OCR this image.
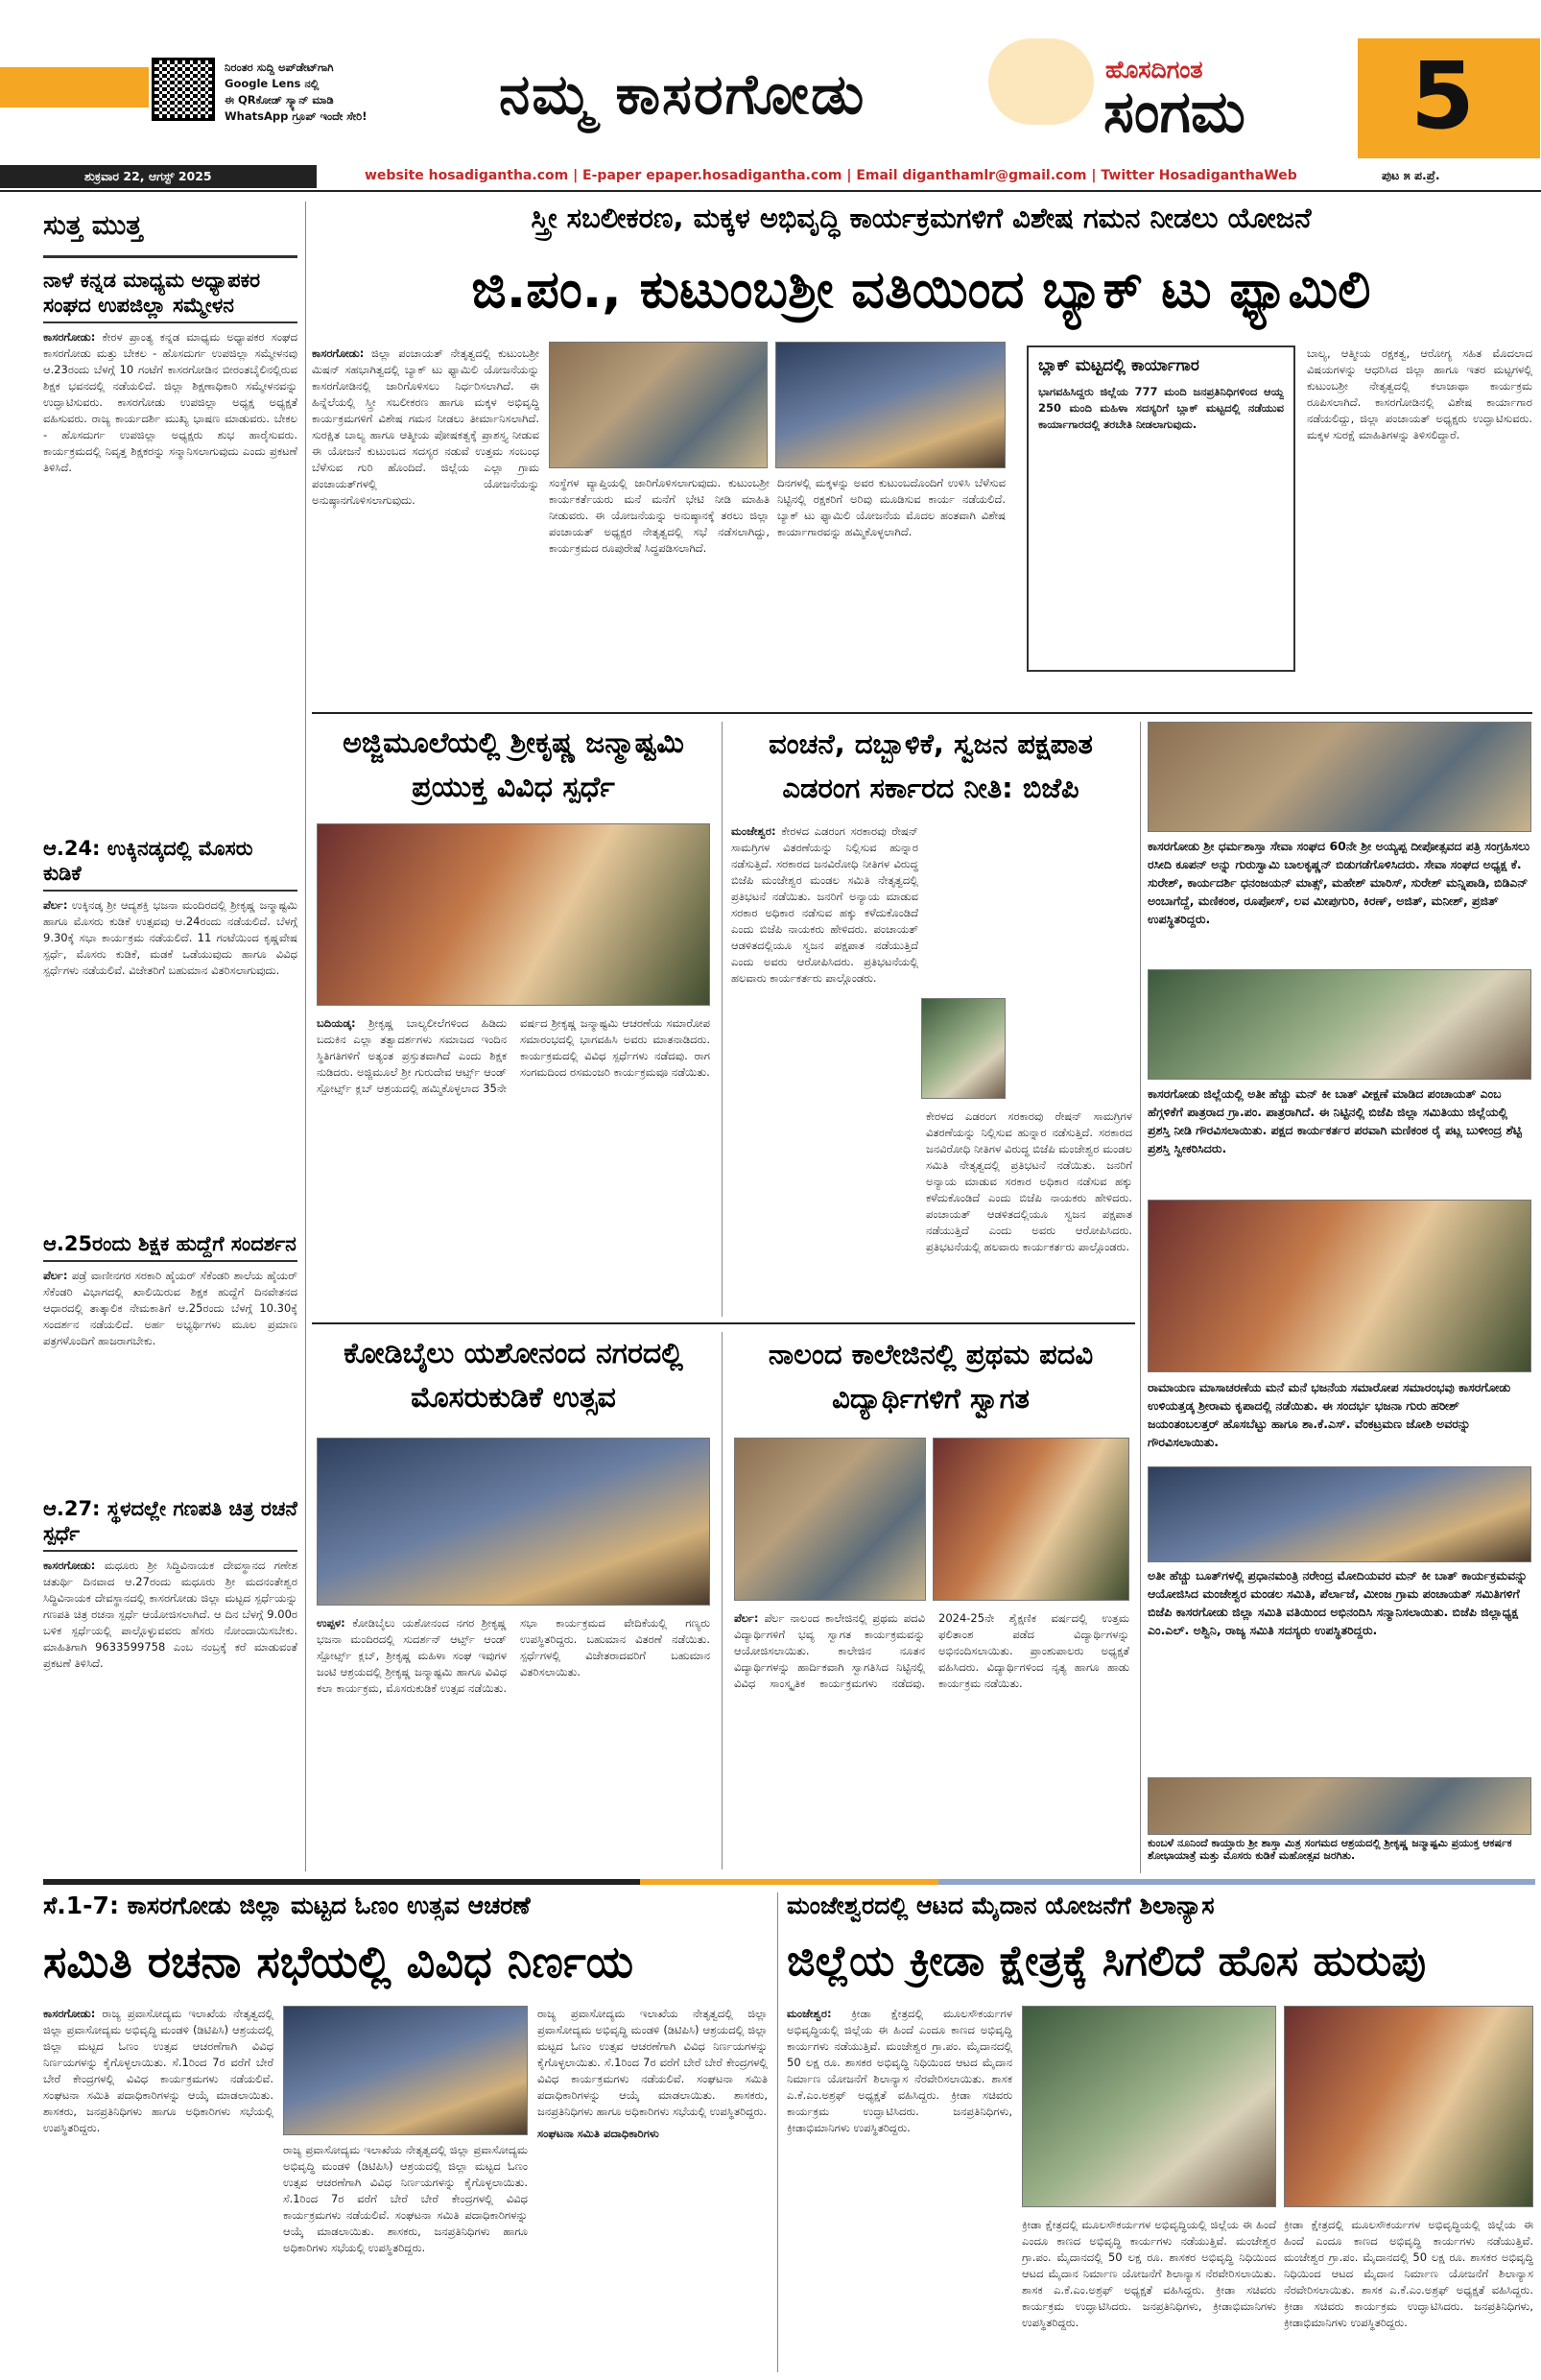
ನಿರಂತರ ಸುದ್ದಿ ಅಪ್‌ಡೇಟ್‌ಗಾಗಿ
Google Lens ನಲ್ಲಿ
ಈ QRಕೋಡ್ ಸ್ಕ್ಯಾನ್ ಮಾಡಿ
WhatsApp ಗ್ರೂಪ್ ಇಂದೇ ಸೇರಿ!	ನಮ್ಮ ಕಾಸರಗೋಡು	ಹೊಸದಿಗಂತ
ಸಂಗಮ	5
ಶುಕ್ರವಾರ 22, ಆಗಸ್ಟ್ 2025	website hosadigantha.com | E-paper epaper.hosadigantha.com | Email diganthamlr@gmail.com | Twitter HosadiganthaWeb	ಪುಟ ೫ ಪ.ಪ್ರೆ.
ಸುತ್ತ ಮುತ್ತ
ನಾಳೆ ಕನ್ನಡ ಮಾಧ್ಯಮ ಅಧ್ಯಾಪಕರ ಸಂಘದ ಉಪಜಿಲ್ಲಾ ಸಮ್ಮೇಳನ
ಕಾಸರಗೋಡು: ಕೇರಳ ಪ್ರಾಂತ್ಯ ಕನ್ನಡ ಮಾಧ್ಯಮ ಅಧ್ಯಾಪಕರ ಸಂಘದ ಕಾಸರಗೋಡು ಮತ್ತು ಬೇಕಲ - ಹೊಸದುರ್ಗ ಉಪಜಿಲ್ಲಾ ಸಮ್ಮೇಳನವು ಆ.23ರಂದು ಬೆಳಗ್ಗೆ 10 ಗಂಟೆಗೆ ಕಾಸರಗೋಡಿನ ಬೀರಂತಬೈಲಿನಲ್ಲಿರುವ ಶಿಕ್ಷಕ ಭವನದಲ್ಲಿ ನಡೆಯಲಿದೆ. ಜಿಲ್ಲಾ ಶಿಕ್ಷಣಾಧಿಕಾರಿ ಸಮ್ಮೇಳನವನ್ನು ಉದ್ಘಾಟಿಸುವರು. ಕಾಸರಗೋಡು ಉಪಜಿಲ್ಲಾ ಅಧ್ಯಕ್ಷ ಅಧ್ಯಕ್ಷತೆ ವಹಿಸುವರು. ರಾಜ್ಯ ಕಾರ್ಯದರ್ಶಿ ಮುಖ್ಯ ಭಾಷಣ ಮಾಡುವರು. ಬೇಕಲ - ಹೊಸದುರ್ಗ ಉಪಜಿಲ್ಲಾ ಅಧ್ಯಕ್ಷರು ಶುಭ ಹಾರೈಸುವರು. ಕಾರ್ಯಕ್ರಮದಲ್ಲಿ ನಿವೃತ್ತ ಶಿಕ್ಷಕರನ್ನು ಸನ್ಮಾನಿಸಲಾಗುವುದು ಎಂದು ಪ್ರಕಟಣೆ ತಿಳಿಸಿದೆ.
ಆ.24: ಉಕ್ಕಿನಡ್ಕದಲ್ಲಿ ಮೊಸರು ಕುಡಿಕೆ
ಪೆರ್ಲ: ಉಕ್ಕಿನಡ್ಕ ಶ್ರೀ ಆದ್ಯಶಕ್ತಿ ಭಜನಾ ಮಂದಿರದಲ್ಲಿ ಶ್ರೀಕೃಷ್ಣ ಜನ್ಮಾಷ್ಟಮಿ ಹಾಗೂ ಮೊಸರು ಕುಡಿಕೆ ಉತ್ಸವವು ಆ.24ರಂದು ನಡೆಯಲಿದೆ. ಬೆಳಗ್ಗೆ 9.30ಕ್ಕೆ ಸಭಾ ಕಾರ್ಯಕ್ರಮ ನಡೆಯಲಿದೆ. 11 ಗಂಟೆಯಿಂದ ಕೃಷ್ಣವೇಷ ಸ್ಪರ್ಧೆ, ಮೊಸರು ಕುಡಿಕೆ, ಮಡಕೆ ಒಡೆಯುವುದು ಹಾಗೂ ವಿವಿಧ ಸ್ಪರ್ಧೆಗಳು ನಡೆಯಲಿವೆ. ವಿಜೇತರಿಗೆ ಬಹುಮಾನ ವಿತರಿಸಲಾಗುವುದು.
ಆ.25ರಂದು ಶಿಕ್ಷಕ ಹುದ್ದೆಗೆ ಸಂದರ್ಶನ
ಪೆರ್ಲ: ಪಡ್ರೆ ವಾಣೀನಗರ ಸರಕಾರಿ ಹೈಯರ್ ಸೆಕೆಂಡರಿ ಶಾಲೆಯ ಹೈಯರ್ ಸೆಕೆಂಡರಿ ವಿಭಾಗದಲ್ಲಿ ಖಾಲಿಯಿರುವ ಶಿಕ್ಷಕ ಹುದ್ದೆಗೆ ದಿನವೇತನದ ಆಧಾರದಲ್ಲಿ ತಾತ್ಕಾಲಿಕ ನೇಮಕಾತಿಗೆ ಆ.25ರಂದು ಬೆಳಗ್ಗೆ 10.30ಕ್ಕೆ ಸಂದರ್ಶನ ನಡೆಯಲಿದೆ. ಅರ್ಹ ಅಭ್ಯರ್ಥಿಗಳು ಮೂಲ ಪ್ರಮಾಣ ಪತ್ರಗಳೊಂದಿಗೆ ಹಾಜರಾಗಬೇಕು.
ಆ.27: ಸ್ಥಳದಲ್ಲೇ ಗಣಪತಿ ಚಿತ್ರ ರಚನೆ ಸ್ಪರ್ಧೆ
ಕಾಸರಗೋಡು: ಮಧೂರು ಶ್ರೀ ಸಿದ್ಧಿವಿನಾಯಕ ದೇವಸ್ಥಾನದ ಗಣೇಶ ಚತುರ್ಥಿ ದಿನವಾದ ಆ.27ರಂದು ಮಧೂರು ಶ್ರೀ ಮದನಂತೇಶ್ವರ ಸಿದ್ಧಿವಿನಾಯಕ ದೇವಸ್ಥಾನದಲ್ಲಿ ಕಾಸರಗೋಡು ಜಿಲ್ಲಾ ಮಟ್ಟದ ಸ್ಪರ್ಧೆಯನ್ನು ಗಣಪತಿ ಚಿತ್ರ ರಚನಾ ಸ್ಪರ್ಧೆ ಆಯೋಜಿಸಲಾಗಿದೆ. ಆ ದಿನ ಬೆಳಗ್ಗೆ 9.00ರ ಬಳಿಕ ಸ್ಪರ್ಧೆಯಲ್ಲಿ ಪಾಲ್ಗೊಳ್ಳುವವರು ಹೆಸರು ನೋಂದಾಯಿಸಬೇಕು. ಮಾಹಿತಿಗಾಗಿ 9633599758 ಎಂಬ ನಂಬ್ರಕ್ಕೆ ಕರೆ ಮಾಡುವಂತೆ ಪ್ರಕಟಣೆ ತಿಳಿಸಿದೆ.
ಸ್ತ್ರೀ ಸಬಲೀಕರಣ, ಮಕ್ಕಳ ಅಭಿವೃದ್ಧಿ ಕಾರ್ಯಕ್ರಮಗಳಿಗೆ ವಿಶೇಷ ಗಮನ ನೀಡಲು ಯೋಜನೆ
ಜಿ.ಪಂ., ಕುಟುಂಬಶ್ರೀ ವತಿಯಿಂದ ಬ್ಯಾಕ್ ಟು ಫ್ಯಾಮಿಲಿ
ಕಾಸರಗೋಡು: ಜಿಲ್ಲಾ ಪಂಚಾಯತ್ ನೇತೃತ್ವದಲ್ಲಿ ಕುಟುಂಬಶ್ರೀ ಮಿಷನ್ ಸಹಭಾಗಿತ್ವದಲ್ಲಿ ಬ್ಯಾಕ್ ಟು ಫ್ಯಾಮಿಲಿ ಯೋಜನೆಯನ್ನು ಕಾಸರಗೋಡಿನಲ್ಲಿ ಜಾರಿಗೊಳಿಸಲು ನಿರ್ಧರಿಸಲಾಗಿದೆ. ಈ ಹಿನ್ನೆಲೆಯಲ್ಲಿ ಸ್ತ್ರೀ ಸಬಲೀಕರಣ ಹಾಗೂ ಮಕ್ಕಳ ಅಭಿವೃದ್ಧಿ ಕಾರ್ಯಕ್ರಮಗಳಿಗೆ ವಿಶೇಷ ಗಮನ ನೀಡಲು ತೀರ್ಮಾನಿಸಲಾಗಿದೆ. ಸುರಕ್ಷಿತ ಬಾಲ್ಯ ಹಾಗೂ ಆತ್ಮೀಯ ಪೋಷಕತ್ವಕ್ಕೆ ಪ್ರಾಶಸ್ತ್ಯ ನೀಡುವ ಈ ಯೋಜನೆ ಕುಟುಂಬದ ಸದಸ್ಯರ ನಡುವೆ ಉತ್ತಮ ಸಂಬಂಧ ಬೆಳೆಸುವ ಗುರಿ ಹೊಂದಿದೆ. ಜಿಲ್ಲೆಯ ಎಲ್ಲಾ ಗ್ರಾಮ ಪಂಚಾಯತ್‌ಗಳಲ್ಲಿ ಯೋಜನೆಯನ್ನು ಅನುಷ್ಠಾನಗೊಳಿಸಲಾಗುವುದು.
ಸಂಸ್ಥೆಗಳ ವ್ಯಾಪ್ತಿಯಲ್ಲಿ ಜಾರಿಗೊಳಿಸಲಾಗುವುದು. ಕುಟುಂಬಶ್ರೀ ಕಾರ್ಯಕರ್ತೆಯರು ಮನೆ ಮನೆಗೆ ಭೇಟಿ ನೀಡಿ ಮಾಹಿತಿ ನೀಡುವರು. ಈ ಯೋಜನೆಯನ್ನು ಅನುಷ್ಠಾನಕ್ಕೆ ತರಲು ಜಿಲ್ಲಾ ಪಂಚಾಯತ್ ಅಧ್ಯಕ್ಷರ ನೇತೃತ್ವದಲ್ಲಿ ಸಭೆ ನಡೆಸಲಾಗಿದ್ದು, ಕಾರ್ಯಕ್ರಮದ ರೂಪುರೇಷೆ ಸಿದ್ಧಪಡಿಸಲಾಗಿದೆ.
ದಿನಗಳಲ್ಲಿ ಮಕ್ಕಳನ್ನು ಅವರ ಕುಟುಂಬದೊಂದಿಗೆ ಉಳಿಸಿ ಬೆಳೆಸುವ ನಿಟ್ಟಿನಲ್ಲಿ ರಕ್ಷಕರಿಗೆ ಅರಿವು ಮೂಡಿಸುವ ಕಾರ್ಯ ನಡೆಯಲಿದೆ. ಬ್ಯಾಕ್ ಟು ಫ್ಯಾಮಿಲಿ ಯೋಜನೆಯ ಮೊದಲ ಹಂತವಾಗಿ ವಿಶೇಷ ಕಾರ್ಯಾಗಾರವನ್ನು ಹಮ್ಮಿಕೊಳ್ಳಲಾಗಿದೆ.
ಬ್ಲಾಕ್ ಮಟ್ಟದಲ್ಲಿ ಕಾರ್ಯಾಗಾರ
ಭಾಗವಹಿಸಿದ್ದರು ಜಿಲ್ಲೆಯ 777 ಮಂದಿ ಜನಪ್ರತಿನಿಧಿಗಳಿಂದ ಆಯ್ದ 250 ಮಂದಿ ಮಹಿಳಾ ಸದಸ್ಯರಿಗೆ ಬ್ಲಾಕ್ ಮಟ್ಟದಲ್ಲಿ ನಡೆಯುವ ಕಾರ್ಯಾಗಾರದಲ್ಲಿ ತರಬೇತಿ ನೀಡಲಾಗುವುದು.
ಬಾಲ್ಯ, ಆತ್ಮೀಯ ರಕ್ಷಕತ್ವ, ಆರೋಗ್ಯ ಸಹಿತ ಮೊದಲಾದ ವಿಷಯಗಳನ್ನು ಆಧರಿಸಿದ ಜಿಲ್ಲಾ ಹಾಗೂ ಇತರ ಮಟ್ಟಗಳಲ್ಲಿ ಕುಟುಂಬಶ್ರೀ ನೇತೃತ್ವದಲ್ಲಿ ಕಲಾಜಾಥಾ ಕಾರ್ಯಕ್ರಮ ರೂಪಿಸಲಾಗಿದೆ. ಕಾಸರಗೋಡಿನಲ್ಲಿ ವಿಶೇಷ ಕಾರ್ಯಾಗಾರ ನಡೆಯಲಿದ್ದು, ಜಿಲ್ಲಾ ಪಂಚಾಯತ್ ಅಧ್ಯಕ್ಷರು ಉದ್ಘಾಟಿಸುವರು. ಮಕ್ಕಳ ಸುರಕ್ಷೆ ಮಾಹಿತಿಗಳನ್ನು ತಿಳಿಸಲಿದ್ದಾರೆ.
ಅಜ್ಜಿಮೂಲೆಯಲ್ಲಿ ಶ್ರೀಕೃಷ್ಣ ಜನ್ಮಾಷ್ಟಮಿ ಪ್ರಯುಕ್ತ ವಿವಿಧ ಸ್ಪರ್ಧೆ
ಬದಿಯಡ್ಕ: ಶ್ರೀಕೃಷ್ಣ ಬಾಲ್ಯಲೀಲೆಗಳಿಂದ ಹಿಡಿದು ಬದುಕಿನ ಎಲ್ಲಾ ತತ್ವಾದರ್ಶಗಳು ಸಮಾಜದ ಇಂದಿನ ಸ್ಥಿತಿಗತಿಗಳಿಗೆ ಅತ್ಯಂತ ಪ್ರಸ್ತುತವಾಗಿದೆ ಎಂದು ಶಿಕ್ಷಕ ನುಡಿದರು. ಅಜ್ಜಿಮೂಲೆ ಶ್ರೀ ಗುರುದೇವ ಆರ್ಟ್ಸ್ ಆಂಡ್ ಸ್ಪೋರ್ಟ್ಸ್ ಕ್ಲಬ್ ಆಶ್ರಯದಲ್ಲಿ ಹಮ್ಮಿಕೊಳ್ಳಲಾದ 35ನೇ ವರ್ಷದ ಶ್ರೀಕೃಷ್ಣ ಜನ್ಮಾಷ್ಟಮಿ ಆಚರಣೆಯ ಸಮಾರೋಪ ಸಮಾರಂಭದಲ್ಲಿ ಭಾಗವಹಿಸಿ ಅವರು ಮಾತನಾಡಿದರು. ಕಾರ್ಯಕ್ರಮದಲ್ಲಿ ವಿವಿಧ ಸ್ಪರ್ಧೆಗಳು ನಡೆದವು. ರಾಗ ಸಂಗಮದಿಂದ ರಸಮಂಜರಿ ಕಾರ್ಯಕ್ರಮವೂ ನಡೆಯಿತು.
ವಂಚನೆ, ದಬ್ಬಾಳಿಕೆ, ಸ್ವಜನ ಪಕ್ಷಪಾತ ಎಡರಂಗ ಸರ್ಕಾರದ ನೀತಿ: ಬಿಜೆಪಿ
ಮಂಜೇಶ್ವರ: ಕೇರಳದ ಎಡರಂಗ ಸರಕಾರವು ರೇಷನ್ ಸಾಮಗ್ರಿಗಳ ವಿತರಣೆಯನ್ನು ನಿಲ್ಲಿಸುವ ಹುನ್ನಾರ ನಡೆಸುತ್ತಿದೆ. ಸರಕಾರದ ಜನವಿರೋಧಿ ನೀತಿಗಳ ವಿರುದ್ಧ ಬಿಜೆಪಿ ಮಂಜೇಶ್ವರ ಮಂಡಲ ಸಮಿತಿ ನೇತೃತ್ವದಲ್ಲಿ ಪ್ರತಿಭಟನೆ ನಡೆಯಿತು. ಜನರಿಗೆ ಅನ್ಯಾಯ ಮಾಡುವ ಸರಕಾರ ಅಧಿಕಾರ ನಡೆಸುವ ಹಕ್ಕು ಕಳೆದುಕೊಂಡಿದೆ ಎಂದು ಬಿಜೆಪಿ ನಾಯಕರು ಹೇಳಿದರು. ಪಂಚಾಯತ್ ಆಡಳಿತದಲ್ಲಿಯೂ ಸ್ವಜನ ಪಕ್ಷಪಾತ ನಡೆಯುತ್ತಿದೆ ಎಂದು ಅವರು ಆರೋಪಿಸಿದರು. ಪ್ರತಿಭಟನೆಯಲ್ಲಿ ಹಲವಾರು ಕಾರ್ಯಕರ್ತರು ಪಾಲ್ಗೊಂಡರು.
ಕೇರಳದ ಎಡರಂಗ ಸರಕಾರವು ರೇಷನ್ ಸಾಮಗ್ರಿಗಳ ವಿತರಣೆಯನ್ನು ನಿಲ್ಲಿಸುವ ಹುನ್ನಾರ ನಡೆಸುತ್ತಿದೆ. ಸರಕಾರದ ಜನವಿರೋಧಿ ನೀತಿಗಳ ವಿರುದ್ಧ ಬಿಜೆಪಿ ಮಂಜೇಶ್ವರ ಮಂಡಲ ಸಮಿತಿ ನೇತೃತ್ವದಲ್ಲಿ ಪ್ರತಿಭಟನೆ ನಡೆಯಿತು. ಜನರಿಗೆ ಅನ್ಯಾಯ ಮಾಡುವ ಸರಕಾರ ಅಧಿಕಾರ ನಡೆಸುವ ಹಕ್ಕು ಕಳೆದುಕೊಂಡಿದೆ ಎಂದು ಬಿಜೆಪಿ ನಾಯಕರು ಹೇಳಿದರು. ಪಂಚಾಯತ್ ಆಡಳಿತದಲ್ಲಿಯೂ ಸ್ವಜನ ಪಕ್ಷಪಾತ ನಡೆಯುತ್ತಿದೆ ಎಂದು ಅವರು ಆರೋಪಿಸಿದರು. ಪ್ರತಿಭಟನೆಯಲ್ಲಿ ಹಲವಾರು ಕಾರ್ಯಕರ್ತರು ಪಾಲ್ಗೊಂಡರು.
ಕೋಡಿಬೈಲು ಯಶೋನಂದ ನಗರದಲ್ಲಿ ಮೊಸರುಕುಡಿಕೆ ಉತ್ಸವ
ಉಪ್ಪಳ: ಕೋಡಿಬೈಲು ಯಶೋನಂದ ನಗರ ಶ್ರೀಕೃಷ್ಣ ಭಜನಾ ಮಂದಿರದಲ್ಲಿ ಸುದರ್ಶನ್ ಆರ್ಟ್ಸ್ ಆಂಡ್ ಸ್ಪೋರ್ಟ್ಸ್ ಕ್ಲಬ್, ಶ್ರೀಕೃಷ್ಣ ಮಹಿಳಾ ಸಂಘ ಇವುಗಳ ಜಂಟಿ ಆಶ್ರಯದಲ್ಲಿ ಶ್ರೀಕೃಷ್ಣ ಜನ್ಮಾಷ್ಟಮಿ ಹಾಗೂ ವಿವಿಧ ಕಲಾ ಕಾರ್ಯಕ್ರಮ, ಮೊಸರುಕುಡಿಕೆ ಉತ್ಸವ ನಡೆಯಿತು. ಸಭಾ ಕಾರ್ಯಕ್ರಮದ ವೇದಿಕೆಯಲ್ಲಿ ಗಣ್ಯರು ಉಪಸ್ಥಿತರಿದ್ದರು. ಬಹುಮಾನ ವಿತರಣೆ ನಡೆಯಿತು. ಸ್ಪರ್ಧೆಗಳಲ್ಲಿ ವಿಜೇತರಾದವರಿಗೆ ಬಹುಮಾನ ವಿತರಿಸಲಾಯಿತು.
ನಾಲಂದ ಕಾಲೇಜಿನಲ್ಲಿ ಪ್ರಥಮ ಪದವಿ ವಿದ್ಯಾರ್ಥಿಗಳಿಗೆ ಸ್ವಾಗತ
ಪೆರ್ಲ: ಪೆರ್ಲ ನಾಲಂದ ಕಾಲೇಜಿನಲ್ಲಿ ಪ್ರಥಮ ಪದವಿ ವಿದ್ಯಾರ್ಥಿಗಳಿಗೆ ಭವ್ಯ ಸ್ವಾಗತ ಕಾರ್ಯಕ್ರಮವನ್ನು ಆಯೋಜಿಸಲಾಯಿತು. ಕಾಲೇಜಿನ ನೂತನ ವಿದ್ಯಾರ್ಥಿಗಳನ್ನು ಹಾರ್ದಿಕವಾಗಿ ಸ್ವಾಗತಿಸಿದ ನಿಟ್ಟಿನಲ್ಲಿ ವಿವಿಧ ಸಾಂಸ್ಕೃತಿಕ ಕಾರ್ಯಕ್ರಮಗಳು ನಡೆದವು. 2024-25ನೇ ಶೈಕ್ಷಣಿಕ ವರ್ಷದಲ್ಲಿ ಉತ್ತಮ ಫಲಿತಾಂಶ ಪಡೆದ ವಿದ್ಯಾರ್ಥಿಗಳನ್ನು ಅಭಿನಂದಿಸಲಾಯಿತು. ಪ್ರಾಂಶುಪಾಲರು ಅಧ್ಯಕ್ಷತೆ ವಹಿಸಿದರು. ವಿದ್ಯಾರ್ಥಿಗಳಿಂದ ನೃತ್ಯ ಹಾಗೂ ಹಾಡು ಕಾರ್ಯಕ್ರಮ ನಡೆಯಿತು.
ಕಾಸರಗೋಡು ಶ್ರೀ ಧರ್ಮಶಾಸ್ತಾ ಸೇವಾ ಸಂಘದ 60ನೇ ಶ್ರೀ ಅಯ್ಯಪ್ಪ ದೀಪೋತ್ಸವದ ಪತ್ರಿ ಸಂಗ್ರಹಿಸಲು ರಸೀದಿ ಕೂಪನ್ ಅನ್ನು ಗುರುಸ್ವಾಮಿ ಬಾಲಕೃಷ್ಣನ್ ಬಿಡುಗಡೆಗೊಳಿಸಿದರು. ಸೇವಾ ಸಂಘದ ಅಧ್ಯಕ್ಷ ಕೆ. ಸುರೇಶ್, ಕಾರ್ಯದರ್ಶಿ ಧನಂಜಯನ್ ಮಾತ್ಸ್, ಮಹೇಶ್ ಮಾರಿಸ್, ಸುರೇಶ್ ಮನ್ನಿಪಾಡಿ, ಬಿಡಿಎನ್ ಅಂಬಾಗೆದ್ದೆ, ಮಣಿಕಂಠ, ರೂಪೋಸ್, ಲವ ಮೀಪುಗುರಿ, ಕಿರಣ್, ಅಜಿತ್, ಮನೀಶ್, ಪ್ರಜಿತ್ ಉಪಸ್ಥಿತರಿದ್ದರು.
ಕಾಸರಗೋಡು ಜಿಲ್ಲೆಯಲ್ಲಿ ಅತೀ ಹೆಚ್ಚು ಮನ್ ಕೀ ಬಾತ್ ವೀಕ್ಷಣೆ ಮಾಡಿದ ಪಂಚಾಯತ್ ಎಂಬ ಹೆಗ್ಗಳಿಕೆಗೆ ಪಾತ್ರರಾದ ಗ್ರಾ.ಪಂ. ಪಾತ್ರರಾಗಿದೆ. ಈ ನಿಟ್ಟಿನಲ್ಲಿ ಬಿಜೆಪಿ ಜಿಲ್ಲಾ ಸಮಿತಿಯು ಜಿಲ್ಲೆಯಲ್ಲಿ ಪ್ರಶಸ್ತಿ ನೀಡಿ ಗೌರವಿಸಲಾಯಿತು. ಪಕ್ಷದ ಕಾರ್ಯಕರ್ತರ ಪರವಾಗಿ ಮಣಿಕಂಠ ರೈ ಪಟ್ಲ ಬುಳೀಂದ್ರ ಶೆಟ್ಟಿ ಪ್ರಶಸ್ತಿ ಸ್ವೀಕರಿಸಿದರು.
ರಾಮಾಯಣ ಮಾಸಾಚರಣೆಯ ಮನೆ ಮನೆ ಭಜನೆಯ ಸಮಾರೋಪ ಸಮಾರಂಭವು ಕಾಸರಗೋಡು ಉಳಿಯತ್ತಡ್ಕ ಶ್ರೀರಾಮ ಕೃಪಾದಲ್ಲಿ ನಡೆಯಿತು. ಈ ಸಂದರ್ಭ ಭಜನಾ ಗುರು ಹರೀಶ್ ಜಯಂತಂಬಲತ್ತರ್ ಹೊಸಬೆಟ್ಟು ಹಾಗೂ ಶಾ.ಕೆ.ಎಸ್. ವೆಂಕಟ್ರಮಣ ಜೋಶಿ ಅವರನ್ನು ಗೌರವಿಸಲಾಯಿತು.
ಅತೀ ಹೆಚ್ಚು ಬೂತ್‌ಗಳಲ್ಲಿ ಪ್ರಧಾನಮಂತ್ರಿ ನರೇಂದ್ರ ಮೋದಿಯವರ ಮನ್ ಕೀ ಬಾತ್ ಕಾರ್ಯಕ್ರಮವನ್ನು ಆಯೋಜಿಸಿದ ಮಂಜೇಶ್ವರ ಮಂಡಲ ಸಮಿತಿ, ಪೆರ್ಲಾಜೆ, ಮೀಂಜ ಗ್ರಾಮ ಪಂಚಾಯತ್ ಸಮಿತಿಗಳಿಗೆ ಬಿಜೆಪಿ ಕಾಸರಗೋಡು ಜಿಲ್ಲಾ ಸಮಿತಿ ವತಿಯಿಂದ ಅಭಿನಂದಿಸಿ ಸನ್ಮಾನಿಸಲಾಯಿತು. ಬಿಜೆಪಿ ಜಿಲ್ಲಾಧ್ಯಕ್ಷ ಎಂ.ಎಲ್. ಅಶ್ವಿನಿ, ರಾಜ್ಯ ಸಮಿತಿ ಸದಸ್ಯರು ಉಪಸ್ಥಿತರಿದ್ದರು.
ಕುಂಬಳೆ ನೂನಿಂದೆ ಕಾಯ್ತಾರು ಶ್ರೀ ಶಾಸ್ತಾ ಮಿತ್ರ ಸಂಗಮದ ಆಶ್ರಯದಲ್ಲಿ ಶ್ರೀಕೃಷ್ಣ ಜನ್ಮಾಷ್ಟಮಿ ಪ್ರಯುಕ್ತ ಆಕರ್ಷಕ ಶೋಭಾಯಾತ್ರೆ ಮತ್ತು ಮೊಸರು ಕುಡಿಕೆ ಮಹೋತ್ಸವ ಜರಗಿತು.
ಸೆ.1-7: ಕಾಸರಗೋಡು ಜಿಲ್ಲಾ ಮಟ್ಟದ ಓಣಂ ಉತ್ಸವ ಆಚರಣೆ
ಸಮಿತಿ ರಚನಾ ಸಭೆಯಲ್ಲಿ ವಿವಿಧ ನಿರ್ಣಯ
ಕಾಸರಗೋಡು: ರಾಜ್ಯ ಪ್ರವಾಸೋದ್ಯಮ ಇಲಾಖೆಯ ನೇತೃತ್ವದಲ್ಲಿ ಜಿಲ್ಲಾ ಪ್ರವಾಸೋದ್ಯಮ ಅಭಿವೃದ್ಧಿ ಮಂಡಳಿ (ಡಿಟಿಪಿಸಿ) ಆಶ್ರಯದಲ್ಲಿ ಜಿಲ್ಲಾ ಮಟ್ಟದ ಓಣಂ ಉತ್ಸವ ಆಚರಣೆಗಾಗಿ ವಿವಿಧ ನಿರ್ಣಯಗಳನ್ನು ಕೈಗೊಳ್ಳಲಾಯಿತು. ಸೆ.1ರಿಂದ 7ರ ವರೆಗೆ ಬೇರೆ ಬೇರೆ ಕೇಂದ್ರಗಳಲ್ಲಿ ವಿವಿಧ ಕಾರ್ಯಕ್ರಮಗಳು ನಡೆಯಲಿವೆ. ಸಂಘಟನಾ ಸಮಿತಿ ಪದಾಧಿಕಾರಿಗಳನ್ನು ಆಯ್ಕೆ ಮಾಡಲಾಯಿತು. ಶಾಸಕರು, ಜನಪ್ರತಿನಿಧಿಗಳು ಹಾಗೂ ಅಧಿಕಾರಿಗಳು ಸಭೆಯಲ್ಲಿ ಉಪಸ್ಥಿತರಿದ್ದರು.
ರಾಜ್ಯ ಪ್ರವಾಸೋದ್ಯಮ ಇಲಾಖೆಯ ನೇತೃತ್ವದಲ್ಲಿ ಜಿಲ್ಲಾ ಪ್ರವಾಸೋದ್ಯಮ ಅಭಿವೃದ್ಧಿ ಮಂಡಳಿ (ಡಿಟಿಪಿಸಿ) ಆಶ್ರಯದಲ್ಲಿ ಜಿಲ್ಲಾ ಮಟ್ಟದ ಓಣಂ ಉತ್ಸವ ಆಚರಣೆಗಾಗಿ ವಿವಿಧ ನಿರ್ಣಯಗಳನ್ನು ಕೈಗೊಳ್ಳಲಾಯಿತು. ಸೆ.1ರಿಂದ 7ರ ವರೆಗೆ ಬೇರೆ ಬೇರೆ ಕೇಂದ್ರಗಳಲ್ಲಿ ವಿವಿಧ ಕಾರ್ಯಕ್ರಮಗಳು ನಡೆಯಲಿವೆ. ಸಂಘಟನಾ ಸಮಿತಿ ಪದಾಧಿಕಾರಿಗಳನ್ನು ಆಯ್ಕೆ ಮಾಡಲಾಯಿತು. ಶಾಸಕರು, ಜನಪ್ರತಿನಿಧಿಗಳು ಹಾಗೂ ಅಧಿಕಾರಿಗಳು ಸಭೆಯಲ್ಲಿ ಉಪಸ್ಥಿತರಿದ್ದರು.
ರಾಜ್ಯ ಪ್ರವಾಸೋದ್ಯಮ ಇಲಾಖೆಯ ನೇತೃತ್ವದಲ್ಲಿ ಜಿಲ್ಲಾ ಪ್ರವಾಸೋದ್ಯಮ ಅಭಿವೃದ್ಧಿ ಮಂಡಳಿ (ಡಿಟಿಪಿಸಿ) ಆಶ್ರಯದಲ್ಲಿ ಜಿಲ್ಲಾ ಮಟ್ಟದ ಓಣಂ ಉತ್ಸವ ಆಚರಣೆಗಾಗಿ ವಿವಿಧ ನಿರ್ಣಯಗಳನ್ನು ಕೈಗೊಳ್ಳಲಾಯಿತು. ಸೆ.1ರಿಂದ 7ರ ವರೆಗೆ ಬೇರೆ ಬೇರೆ ಕೇಂದ್ರಗಳಲ್ಲಿ ವಿವಿಧ ಕಾರ್ಯಕ್ರಮಗಳು ನಡೆಯಲಿವೆ. ಸಂಘಟನಾ ಸಮಿತಿ ಪದಾಧಿಕಾರಿಗಳನ್ನು ಆಯ್ಕೆ ಮಾಡಲಾಯಿತು. ಶಾಸಕರು, ಜನಪ್ರತಿನಿಧಿಗಳು ಹಾಗೂ ಅಧಿಕಾರಿಗಳು ಸಭೆಯಲ್ಲಿ ಉಪಸ್ಥಿತರಿದ್ದರು.
ಸಂಘಟನಾ ಸಮಿತಿ ಪದಾಧಿಕಾರಿಗಳು
ಮಂಜೇಶ್ವರದಲ್ಲಿ ಆಟದ ಮೈದಾನ ಯೋಜನೆಗೆ ಶಿಲಾನ್ಯಾಸ
ಜಿಲ್ಲೆಯ ಕ್ರೀಡಾ ಕ್ಷೇತ್ರಕ್ಕೆ ಸಿಗಲಿದೆ ಹೊಸ ಹುರುಪು
ಮಂಜೇಶ್ವರ: ಕ್ರೀಡಾ ಕ್ಷೇತ್ರದಲ್ಲಿ ಮೂಲಸೌಕರ್ಯಗಳ ಅಭಿವೃದ್ಧಿಯಲ್ಲಿ ಜಿಲ್ಲೆಯ ಈ ಹಿಂದೆ ಎಂದೂ ಕಾಣದ ಅಭಿವೃದ್ಧಿ ಕಾರ್ಯಗಳು ನಡೆಯುತ್ತಿವೆ. ಮಂಜೇಶ್ವರ ಗ್ರಾ.ಪಂ. ಮೈದಾನದಲ್ಲಿ 50 ಲಕ್ಷ ರೂ. ಶಾಸಕರ ಅಭಿವೃದ್ಧಿ ನಿಧಿಯಿಂದ ಆಟದ ಮೈದಾನ ನಿರ್ಮಾಣ ಯೋಜನೆಗೆ ಶಿಲಾನ್ಯಾಸ ನೆರವೇರಿಸಲಾಯಿತು. ಶಾಸಕ ಎ.ಕೆ.ಎಂ.ಅಶ್ರಫ್ ಅಧ್ಯಕ್ಷತೆ ವಹಿಸಿದ್ದರು. ಕ್ರೀಡಾ ಸಚಿವರು ಕಾರ್ಯಕ್ರಮ ಉದ್ಘಾಟಿಸಿದರು. ಜನಪ್ರತಿನಿಧಿಗಳು, ಕ್ರೀಡಾಭಿಮಾನಿಗಳು ಉಪಸ್ಥಿತರಿದ್ದರು.
ಕ್ರೀಡಾ ಕ್ಷೇತ್ರದಲ್ಲಿ ಮೂಲಸೌಕರ್ಯಗಳ ಅಭಿವೃದ್ಧಿಯಲ್ಲಿ ಜಿಲ್ಲೆಯ ಈ ಹಿಂದೆ ಎಂದೂ ಕಾಣದ ಅಭಿವೃದ್ಧಿ ಕಾರ್ಯಗಳು ನಡೆಯುತ್ತಿವೆ. ಮಂಜೇಶ್ವರ ಗ್ರಾ.ಪಂ. ಮೈದಾನದಲ್ಲಿ 50 ಲಕ್ಷ ರೂ. ಶಾಸಕರ ಅಭಿವೃದ್ಧಿ ನಿಧಿಯಿಂದ ಆಟದ ಮೈದಾನ ನಿರ್ಮಾಣ ಯೋಜನೆಗೆ ಶಿಲಾನ್ಯಾಸ ನೆರವೇರಿಸಲಾಯಿತು. ಶಾಸಕ ಎ.ಕೆ.ಎಂ.ಅಶ್ರಫ್ ಅಧ್ಯಕ್ಷತೆ ವಹಿಸಿದ್ದರು. ಕ್ರೀಡಾ ಸಚಿವರು ಕಾರ್ಯಕ್ರಮ ಉದ್ಘಾಟಿಸಿದರು. ಜನಪ್ರತಿನಿಧಿಗಳು, ಕ್ರೀಡಾಭಿಮಾನಿಗಳು ಉಪಸ್ಥಿತರಿದ್ದರು.
ಕ್ರೀಡಾ ಕ್ಷೇತ್ರದಲ್ಲಿ ಮೂಲಸೌಕರ್ಯಗಳ ಅಭಿವೃದ್ಧಿಯಲ್ಲಿ ಜಿಲ್ಲೆಯ ಈ ಹಿಂದೆ ಎಂದೂ ಕಾಣದ ಅಭಿವೃದ್ಧಿ ಕಾರ್ಯಗಳು ನಡೆಯುತ್ತಿವೆ. ಮಂಜೇಶ್ವರ ಗ್ರಾ.ಪಂ. ಮೈದಾನದಲ್ಲಿ 50 ಲಕ್ಷ ರೂ. ಶಾಸಕರ ಅಭಿವೃದ್ಧಿ ನಿಧಿಯಿಂದ ಆಟದ ಮೈದಾನ ನಿರ್ಮಾಣ ಯೋಜನೆಗೆ ಶಿಲಾನ್ಯಾಸ ನೆರವೇರಿಸಲಾಯಿತು. ಶಾಸಕ ಎ.ಕೆ.ಎಂ.ಅಶ್ರಫ್ ಅಧ್ಯಕ್ಷತೆ ವಹಿಸಿದ್ದರು. ಕ್ರೀಡಾ ಸಚಿವರು ಕಾರ್ಯಕ್ರಮ ಉದ್ಘಾಟಿಸಿದರು. ಜನಪ್ರತಿನಿಧಿಗಳು, ಕ್ರೀಡಾಭಿಮಾನಿಗಳು ಉಪಸ್ಥಿತರಿದ್ದರು.
